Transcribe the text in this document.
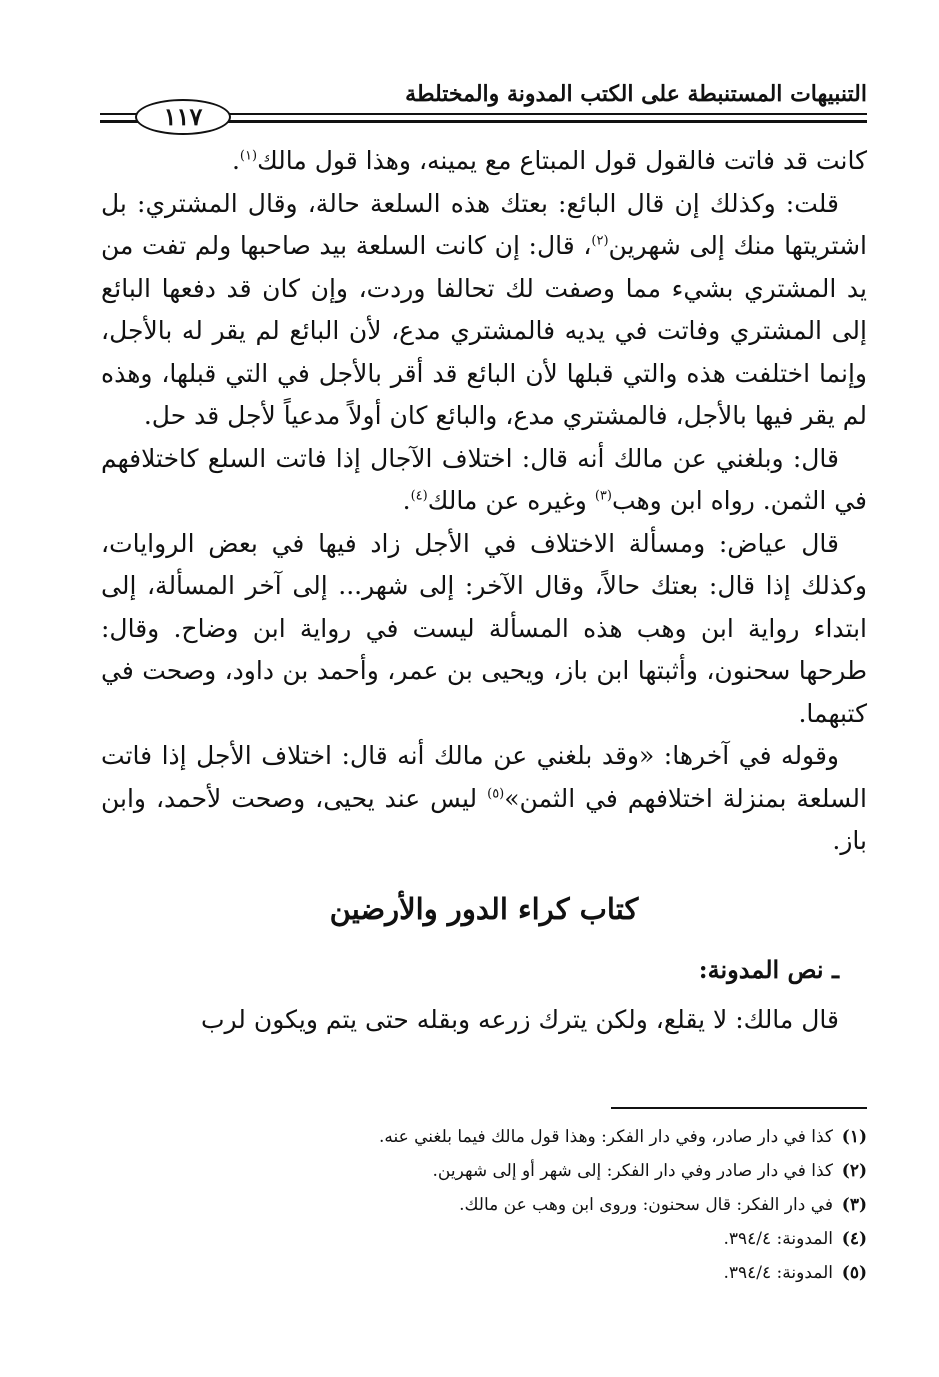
التنبيهات المستنبطة على الكتب المدونة والمختلطة
١١٧

كانت قد فاتت فالقول قول المبتاع مع يمينه، وهذا قول مالك$^{(١)}$.

قلت: وكذلك إن قال البائع: بعتك هذه السلعة حالة، وقال المشتري: بل اشتريتها منك إلى شهرين$^{(٢)}$، قال: إن كانت السلعة بيد صاحبها ولم تفت من يد المشتري بشيء مما وصفت لك تحالفا وردت، وإن كان قد دفعها البائع إلى المشتري وفاتت في يديه فالمشتري مدع، لأن البائع لم يقر له بالأجل، وإنما اختلفت هذه والتي قبلها لأن البائع قد أقر بالأجل في التي قبلها، وهذه لم يقر فيها بالأجل، فالمشتري مدع، والبائع كان أولاً مدعياً لأجل قد حل.

قال: وبلغني عن مالك أنه قال: اختلاف الآجال إذا فاتت السلع كاختلافهم في الثمن. رواه ابن وهب$^{(٣)}$ وغيره عن مالك$^{(٤)}$.

قال عياض: ومسألة الاختلاف في الأجل زاد فيها في بعض الروايات، وكذلك إذا قال: بعتك حالاً، وقال الآخر: إلى شهر... إلى آخر المسألة، إلى ابتداء رواية ابن وهب هذه المسألة ليست في رواية ابن وضاح. وقال: طرحها سحنون، وأثبتها ابن باز، ويحيى بن عمر، وأحمد بن داود، وصحت في كتبهما.

وقوله في آخرها: «وقد بلغني عن مالك أنه قال: اختلاف الأجل إذا فاتت السلعة بمنزلة اختلافهم في الثمن»$^{(٥)}$ ليس عند يحيى، وصحت لأحمد، وابن باز.

كتاب كراء الدور والأرضين
ـ نص المدونة:

قال مالك: لا يقلع، ولكن يترك زرعه وبقله حتى يتم ويكون لرب

(١)كذا في دار صادر، وفي دار الفكر: وهذا قول مالك فيما بلغني عنه.
(٢)كذا في دار صادر وفي دار الفكر: إلى شهر أو إلى شهرين.
(٣)في دار الفكر: قال سحنون: وروى ابن وهب عن مالك.
(٤)المدونة: ٣٩٤/٤.
(٥)المدونة: ٣٩٤/٤.
